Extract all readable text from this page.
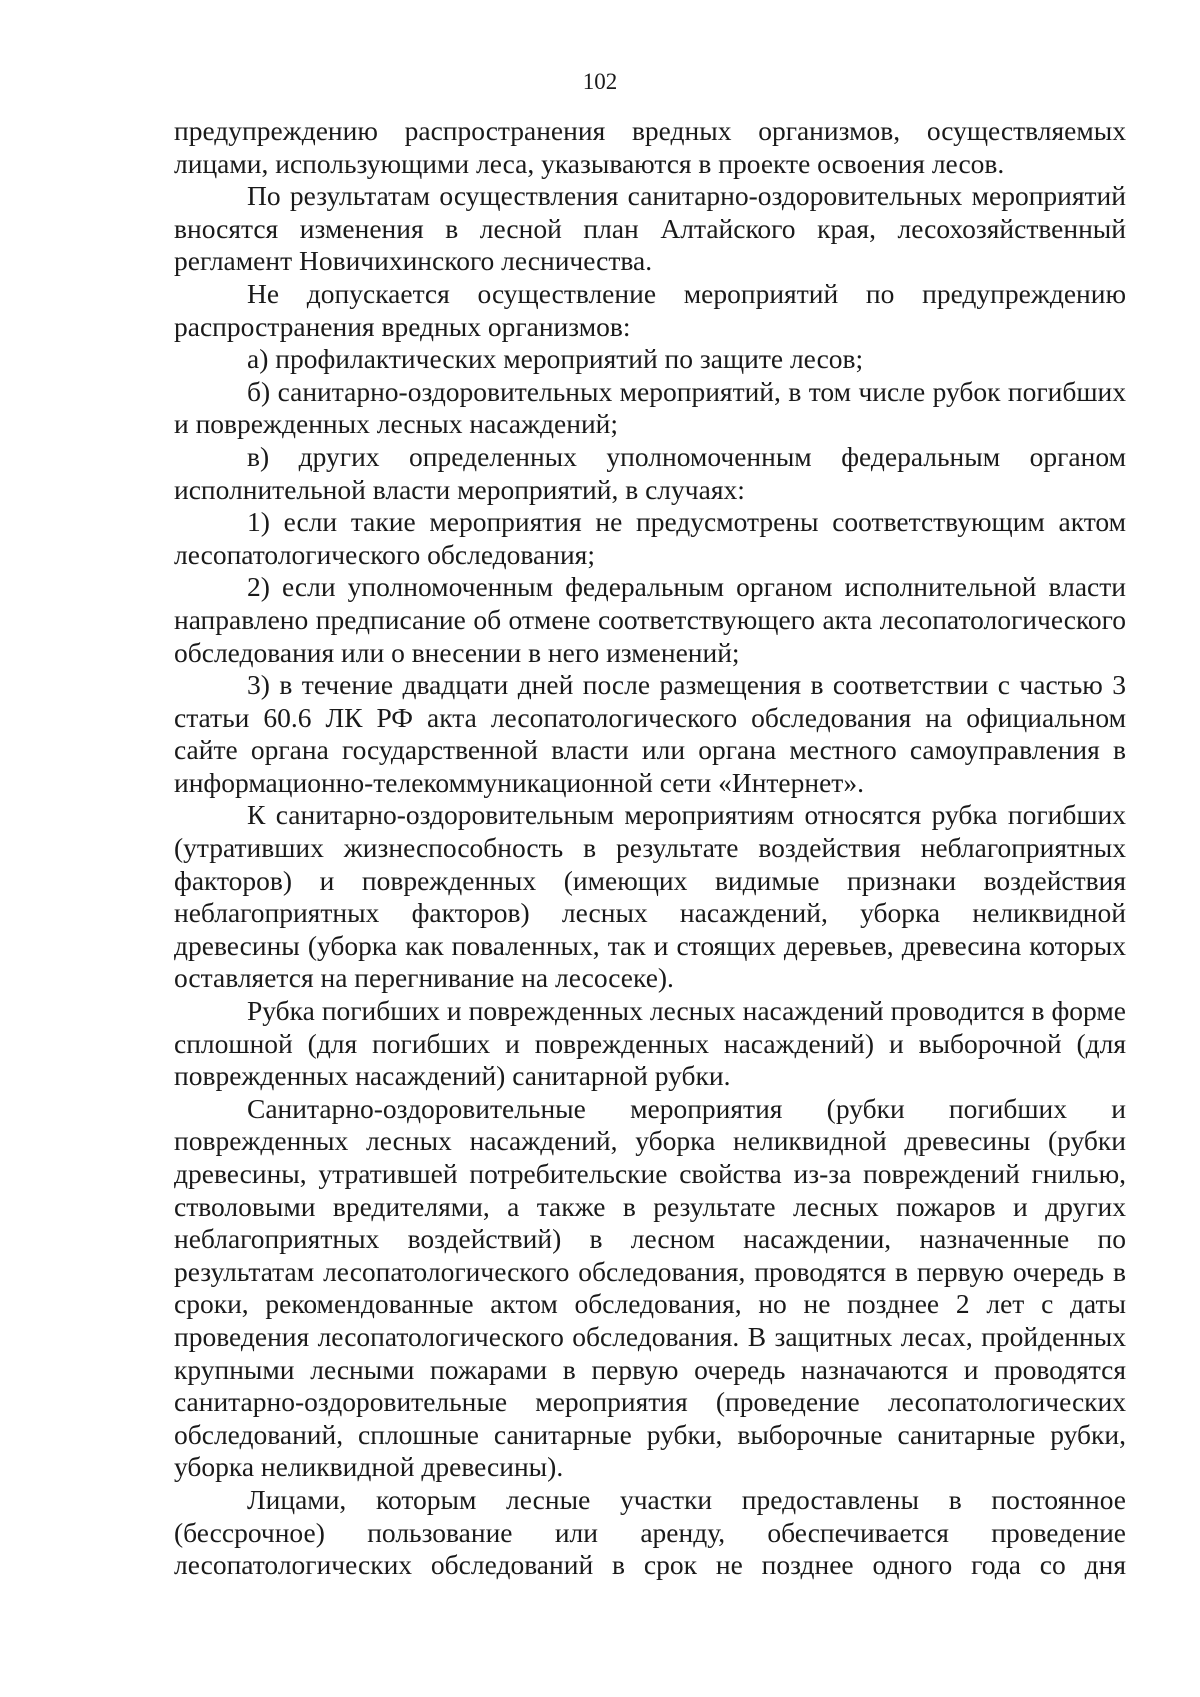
102

предупреждению распространения вредных организмов, осуществляемых лицами, использующими леса, указываются в проекте освоения лесов.

По результатам осуществления санитарно-оздоровительных мероприятий вносятся изменения в лесной план Алтайского края, лесохозяйственный регламент Новичихинского лесничества.

Не допускается осуществление мероприятий по предупреждению распространения вредных организмов:

а) профилактических мероприятий по защите лесов;

б) санитарно-оздоровительных мероприятий, в том числе рубок погибших и поврежденных лесных насаждений;

в) других определенных уполномоченным федеральным органом исполнительной власти мероприятий, в случаях:

1) если такие мероприятия не предусмотрены соответствующим актом лесопатологического обследования;

2) если уполномоченным федеральным органом исполнительной власти направлено предписание об отмене соответствующего акта лесопатологического обследования или о внесении в него изменений;

3) в течение двадцати дней после размещения в соответствии с частью 3 статьи 60.6 ЛК РФ акта лесопатологического обследования на официальном сайте органа государственной власти или органа местного самоуправления в информационно-телекоммуникационной сети «Интернет».

К санитарно-оздоровительным мероприятиям относятся рубка погибших (утративших жизнеспособность в результате воздействия неблагоприятных факторов) и поврежденных (имеющих видимые признаки воздействия неблагоприятных факторов) лесных насаждений, уборка неликвидной древесины (уборка как поваленных, так и стоящих деревьев, древесина которых оставляется на перегнивание на лесосеке).

Рубка погибших и поврежденных лесных насаждений проводится в форме сплошной (для погибших и поврежденных насаждений) и выборочной (для поврежденных насаждений) санитарной рубки.

Санитарно-оздоровительные мероприятия (рубки погибших и поврежденных лесных насаждений, уборка неликвидной древесины (рубки древесины, утратившей потребительские свойства из-за повреждений гнилью, стволовыми вредителями, а также в результате лесных пожаров и других неблагоприятных воздействий) в лесном насаждении, назначенные по результатам лесопатологического обследования, проводятся в первую очередь в сроки, рекомендованные актом обследования, но не позднее 2 лет с даты проведения лесопатологического обследования. В защитных лесах, пройденных крупными лесными пожарами в первую очередь назначаются и проводятся санитарно-оздоровительные мероприятия (проведение лесопатологических обследований, сплошные санитарные рубки, выборочные санитарные рубки, уборка неликвидной древесины).

Лицами, которым лесные участки предоставлены в постоянное (бессрочное) пользование или аренду, обеспечивается проведение лесопатологических обследований в срок не позднее одного года со дня
